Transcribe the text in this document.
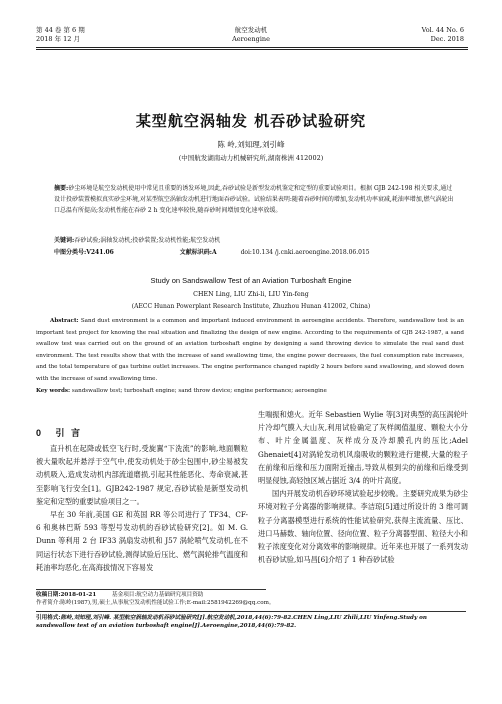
第 44 卷 第 6 期
2018 年 12 月
航空发动机
Aeroengine
Vol. 44 No. 6
Dec. 2018
某型航空涡轴发 机吞砂试验研究
陈 岭,刘知理,刘引峰
(中国航发湖南动力机械研究所,湖南株洲 412002)
摘要:砂尘环境是航空发动机使用中常见且重要的诱发环境,因此,吞砂试验是新型发动机鉴定和定型的重要试验项目。根据 GJB 242-198 相关要求,通过设计投砂装置模拟真实砂尘环境,对某型航空涡轴发动机进行地面吞砂试验。试验结果表明:随着吞砂时间的增加,发动机功率衰减,耗油率增加,燃气涡轮出口总温有所提高;发动机性能在吞砂 2 h 变化速率较快,随吞砂时间增加变化速率放缓。
关键词:吞砂试验;涡轴发动机;投砂装置;发动机性能;航空发动机
中图分类号:V241.06	文献标识码:A	doi:10.134 /j.cnki.aeroengine.2018.06.015
Study on Sandswallow Test of an Aviation Turboshaft Engine
CHEN Ling, LIU Zhi-li, LIU Yin-feng
(AECC Hunan Powerplant Research Institute, Zhuzhou Hunan 412002, China)
Abstract: Sand dust environment is a common and important induced environment in aeroengine accidents. Therefore, sandswallow test is an important test project for knowing the real situation and finalizing the design of new engine. According to the requirements of GJB 242-1987, a sand swallow test was carried out on the ground of an aviation turboshaft engine by designing a sand throwing device to simulate the real sand dust environment. The test results show that with the increase of sand swallowing time, the engine power decreases, the fuel consumption rate increases, and the total temperature of gas turbine outlet increases. The engine performance changed rapidly 2 hours before sand swallowing, and slowed down with the increase of sand swallowing time.
Key words: sandswallow test; turboshaft engine; sand throw device; engine performance; aeroengine
0 引 言

直升机在起降或低空飞行时,受旋翼“下洗流”的影响,地面颗粒被大量吹起并悬浮于空气中,使发动机处于砂尘包围中,砂尘易被发动机吸入,造成发动机内部流道磨损,引起其性能恶化、寿命衰减,甚至影响飞行安全[1]。GJB242-1987 规定,吞砂试验是新型发动机鉴定和定型的重要试验项目之一。

早在 30 年前,美国 GE 和英国 RR 等公司进行了 TF34、CF-6 和奥林巴斯 593 等型号发动机的吞砂试验研究[2]。如 M. G. Dunn 等利用 2 台 IF33 涡扇发动机和 J57 涡轮喷气发动机,在不同运行状态下进行吞砂试验,测得试验后压比、燃气涡轮排气温度和耗油率均恶化,在高海拔情况下容易发

生喘振和熄火。近年 Sebastien Wylie 等[3]对典型的高压涡轮叶片冷却气膜入大山灰,利用试验确定了灰样阈值温度、颗粒大小分布、叶片金属温度、灰样成分及冷却膜孔内的压比;Adel Ghenaiet[4]对涡轮发动机风扇吸收的颗粒进行建模,大量的粒子在前缘和后缘和压力面附近撞击,导致从根到尖的前缘和后缘受到明显侵蚀,高轻蚀区域占据近 3/4 的叶片高度。

国内开展发动机吞砂环境试验起步较晚。主要研究成果为砂尘环境对粒子分离器的影响规律。李洁琼[5]通过所设计的 3 维可调粒子分离器模型进行系统的性能试验研究,获得主流流量、压比、进口马赫数、轴向位置、径向位置、粒子分离器型面、粒径大小和粒子浓度变化对分离效率的影响规律。近年来也开展了一系列发动机吞砂试验,如马昌[6]介绍了 1 种吞砂试验

收稿日期:2018-01-21	基金项目:航空动力基础研究项目资助
作者简介:陈岭(1987),男,硕士,从事航空发动机性能试验工作;E-mail:258194226​9@qq.com。
引用格式:陈岭,刘知理,刘引峰. 某型航空涡轴发动机吞砂试验研究[J].航空发动机,2018,44(6):79-82.CHEN Ling,LIU Zhili,LIU Yinfeng.Study on sandswallow test of an aviation turboshaft engine[J].Aeroengine,2018,44(6):79-82.
